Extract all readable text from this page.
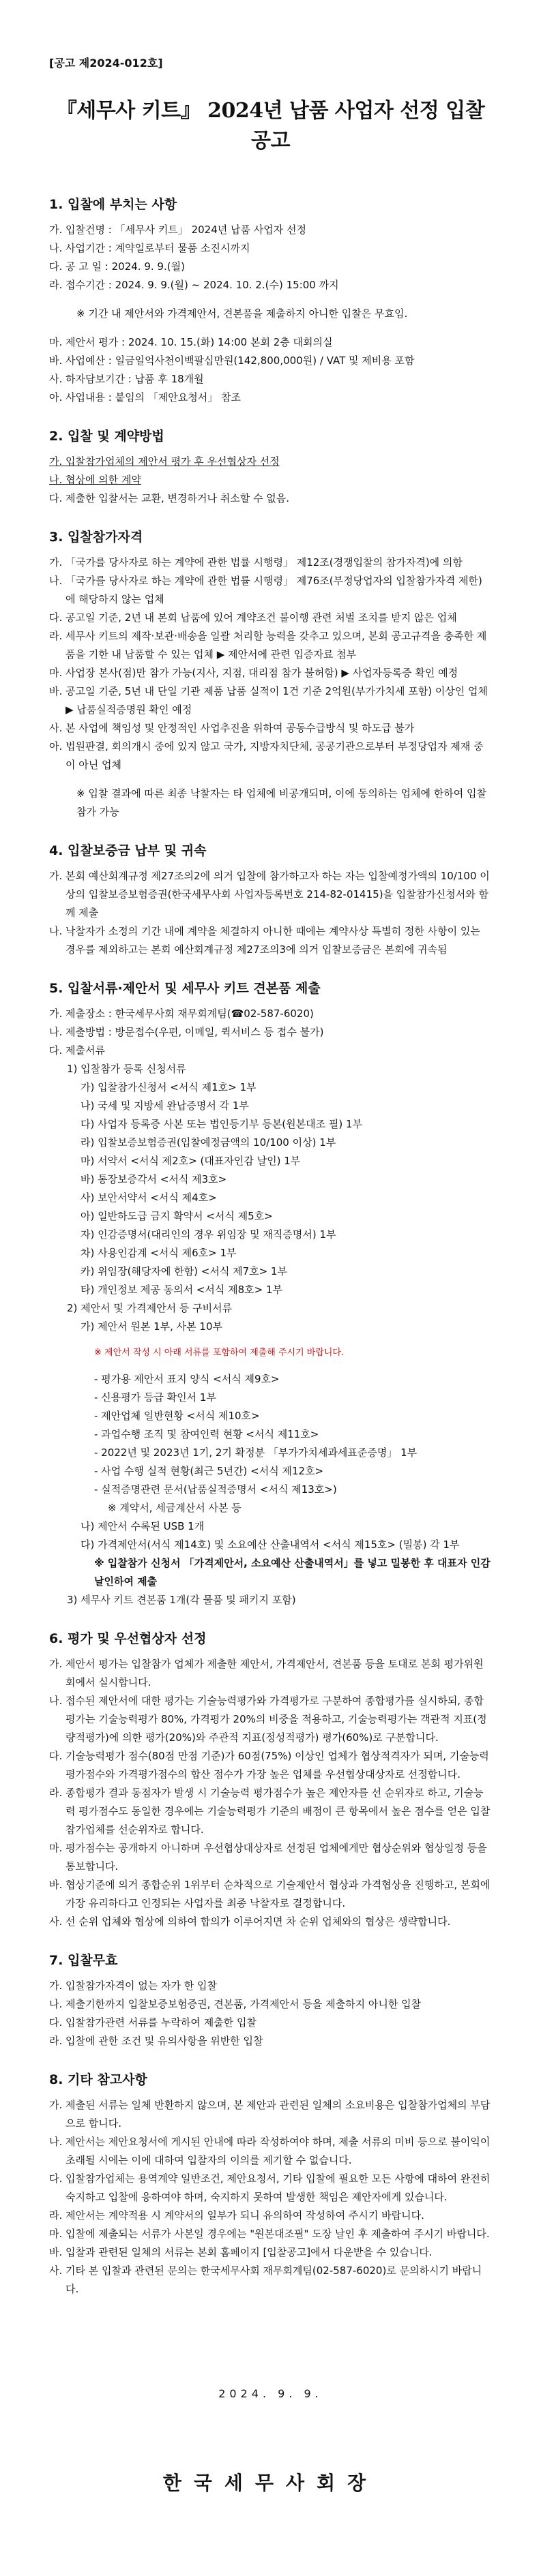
[공고 제2024-012호]
『세무사 키트』 2024년 납품 사업자 선정 입찰 공고
1. 입찰에 부치는 사항

가. 입찰건명 : 「세무사 키트」 2024년 납품 사업자 선정

나. 사업기간 : 계약일로부터 물품 소진시까지

다. 공 고 일 : 2024. 9. 9.(월)

라. 접수기간 : 2024. 9. 9.(월) ~ 2024. 10. 2.(수) 15:00 까지

※ 기간 내 제안서와 가격제안서, 견본품을 제출하지 아니한 입찰은 무효임.

마. 제안서 평가 : 2024. 10. 15.(화) 14:00 본회 2층 대회의실

바. 사업예산 : 일금일억사천이백팔십만원(142,800,000원) / VAT 및 제비용 포함

사. 하자담보기간 : 납품 후 18개월

아. 사업내용 : 붙임의 「제안요청서」 참조

2. 입찰 및 계약방법

가. 입찰참가업체의 제안서 평가 후 우선협상자 선정

나. 협상에 의한 계약

다. 제출한 입찰서는 교환, 변경하거나 취소할 수 없음.

3. 입찰참가자격

가. 「국가를 당사자로 하는 계약에 관한 법률 시행령」 제12조(경쟁입찰의 참가자격)에 의함

나. 「국가를 당사자로 하는 계약에 관한 법률 시행령」 제76조(부정당업자의 입찰참가자격 제한)에 해당하지 않는 업체

다. 공고일 기준, 2년 내 본회 납품에 있어 계약조건 불이행 관련 처벌 조치를 받지 않은 업체

라. 세무사 키트의 제작·보관·배송을 일괄 처리할 능력을 갖추고 있으며, 본회 공고규격을 충족한 제품을 기한 내 납품할 수 있는 업체 ▶ 제안서에 관련 입증자료 첨부

마. 사업장 본사(점)만 참가 가능(지사, 지점, 대리점 참가 불허함) ▶ 사업자등록증 확인 예정

바. 공고일 기준, 5년 내 단일 기관 제품 납품 실적이 1건 기준 2억원(부가가치세 포함) 이상인 업체 ▶ 납품실적증명원 확인 예정

사. 본 사업에 책임성 및 안정적인 사업추진을 위하여 공동수급방식 및 하도급 불가

아. 법원판결, 회의개시 중에 있지 않고 국가, 지방자치단체, 공공기관으로부터 부정당업자 제재 중이 아닌 업체

※ 입찰 결과에 따른 최종 낙찰자는 타 업체에 비공개되며, 이에 동의하는 업체에 한하여 입찰 참가 가능

4. 입찰보증금 납부 및 귀속

가. 본회 예산회계규정 제27조의2에 의거 입찰에 참가하고자 하는 자는 입찰예정가액의 10/100 이상의 입찰보증보험증권(한국세무사회 사업자등록번호 214-82-01415)을 입찰참가신청서와 함께 제출

나. 낙찰자가 소정의 기간 내에 계약을 체결하지 아니한 때에는 계약사상 특별히 정한 사항이 있는 경우를 제외하고는 본회 예산회계규정 제27조의3에 의거 입찰보증금은 본회에 귀속됨

5. 입찰서류·제안서 및 세무사 키트 견본품 제출

가. 제출장소 : 한국세무사회 재무회계팀(☎02-587-6020)

나. 제출방법 : 방문접수(우편, 이메일, 퀵서비스 등 접수 불가)

다. 제출서류

1) 입찰참가 등록 신청서류

가) 입찰참가신청서 <서식 제1호> 1부

나) 국세 및 지방세 완납증명서 각 1부

다) 사업자 등록증 사본 또는 법인등기부 등본(원본대조 필) 1부

라) 입찰보증보험증권(입찰예정금액의 10/100 이상) 1부

마) 서약서 <서식 제2호> (대표자인감 날인) 1부

바) 통장보증각서 <서식 제3호>

사) 보안서약서 <서식 제4호>

아) 일반하도급 금지 확약서 <서식 제5호>

자) 인감증명서(대리인의 경우 위임장 및 재직증명서) 1부

차) 사용인감계 <서식 제6호> 1부

카) 위임장(해당자에 한함) <서식 제7호> 1부

타) 개인정보 제공 동의서 <서식 제8호> 1부

2) 제안서 및 가격제안서 등 구비서류

가) 제안서 원본 1부, 사본 10부

※ 제안서 작성 시 아래 서류를 포함하여 제출해 주시기 바랍니다.

- 평가용 제안서 표지 양식 <서식 제9호>

- 신용평가 등급 확인서 1부

- 제안업체 일반현황 <서식 제10호>

- 과업수행 조직 및 참여인력 현황 <서식 제11호>

- 2022년 및 2023년 1기, 2기 확정분 「부가가치세과세표준증명」 1부

- 사업 수행 실적 현황(최근 5년간) <서식 제12호>

- 실적증명관련 문서(납품실적증명서 <서식 제13호>)

※ 계약서, 세금계산서 사본 등

나) 제안서 수록된 USB 1개

다) 가격제안서(서식 제14호) 및 소요예산 산출내역서 <서식 제15호> (밀봉) 각 1부

※ 입찰참가 신청서 「가격제안서, 소요예산 산출내역서」를 넣고 밀봉한 후 대표자 인감 날인하여 제출

3) 세무사 키트 견본품 1개(각 물품 및 패키지 포함)

6. 평가 및 우선협상자 선정

가. 제안서 평가는 입찰참가 업체가 제출한 제안서, 가격제안서, 견본품 등을 토대로 본회 평가위원회에서 실시합니다.

나. 접수된 제안서에 대한 평가는 기술능력평가와 가격평가로 구분하여 종합평가를 실시하되, 종합평가는 기술능력평가 80%, 가격평가 20%의 비중을 적용하고, 기술능력평가는 객관적 지표(정량적평가)에 의한 평가(20%)와 주관적 지표(정성적평가) 평가(60%)로 구분합니다.

다. 기술능력평가 점수(80점 만점 기준)가 60점(75%) 이상인 업체가 협상적격자가 되며, 기술능력평가점수와 가격평가점수의 합산 점수가 가장 높은 업체를 우선협상대상자로 선정합니다.

라. 종합평가 결과 동점자가 발생 시 기술능력 평가점수가 높은 제안자를 선 순위자로 하고, 기술능력 평가점수도 동일한 경우에는 기술능력평가 기준의 배점이 큰 항목에서 높은 점수를 얻은 입찰참가업체를 선순위자로 합니다.

마. 평가점수는 공개하지 아니하며 우선협상대상자로 선정된 업체에게만 협상순위와 협상일정 등을 통보합니다.

바. 협상기준에 의거 종합순위 1위부터 순차적으로 기술제안서 협상과 가격협상을 진행하고, 본회에 가장 유리하다고 인정되는 사업자를 최종 낙찰자로 결정합니다.

사. 선 순위 업체와 협상에 의하여 합의가 이루어지면 차 순위 업체와의 협상은 생략합니다.

7. 입찰무효

가. 입찰참가자격이 없는 자가 한 입찰

나. 제출기한까지 입찰보증보험증권, 견본품, 가격제안서 등을 제출하지 아니한 입찰

다. 입찰참가관련 서류를 누락하여 제출한 입찰

라. 입찰에 관한 조건 및 유의사항을 위반한 입찰

8. 기타 참고사항

가. 제출된 서류는 일체 반환하지 않으며, 본 제안과 관련된 일체의 소요비용은 입찰참가업체의 부담으로 합니다.

나. 제안서는 제안요청서에 게시된 안내에 따라 작성하여야 하며, 제출 서류의 미비 등으로 불이익이 초래될 시에는 이에 대하여 입찰자의 이의를 제기할 수 없습니다.

다. 입찰참가업체는 용역계약 일반조건, 제안요청서, 기타 입찰에 필요한 모든 사항에 대하여 완전히 숙지하고 입찰에 응하여야 하며, 숙지하지 못하여 발생한 책임은 제안자에게 있습니다.

라. 제안서는 계약적용 시 계약서의 일부가 되니 유의하여 작성하여 주시기 바랍니다.

마. 입찰에 제출되는 서류가 사본일 경우에는 "원본대조필" 도장 날인 후 제출하여 주시기 바랍니다.

바. 입찰과 관련된 일체의 서류는 본회 홈페이지 [입찰공고]에서 다운받을 수 있습니다.

사. 기타 본 입찰과 관련된 문의는 한국세무사회 재무회계팀(02-587-6020)로 문의하시기 바랍니다.

2024. 9. 9.
한국세무사회장
